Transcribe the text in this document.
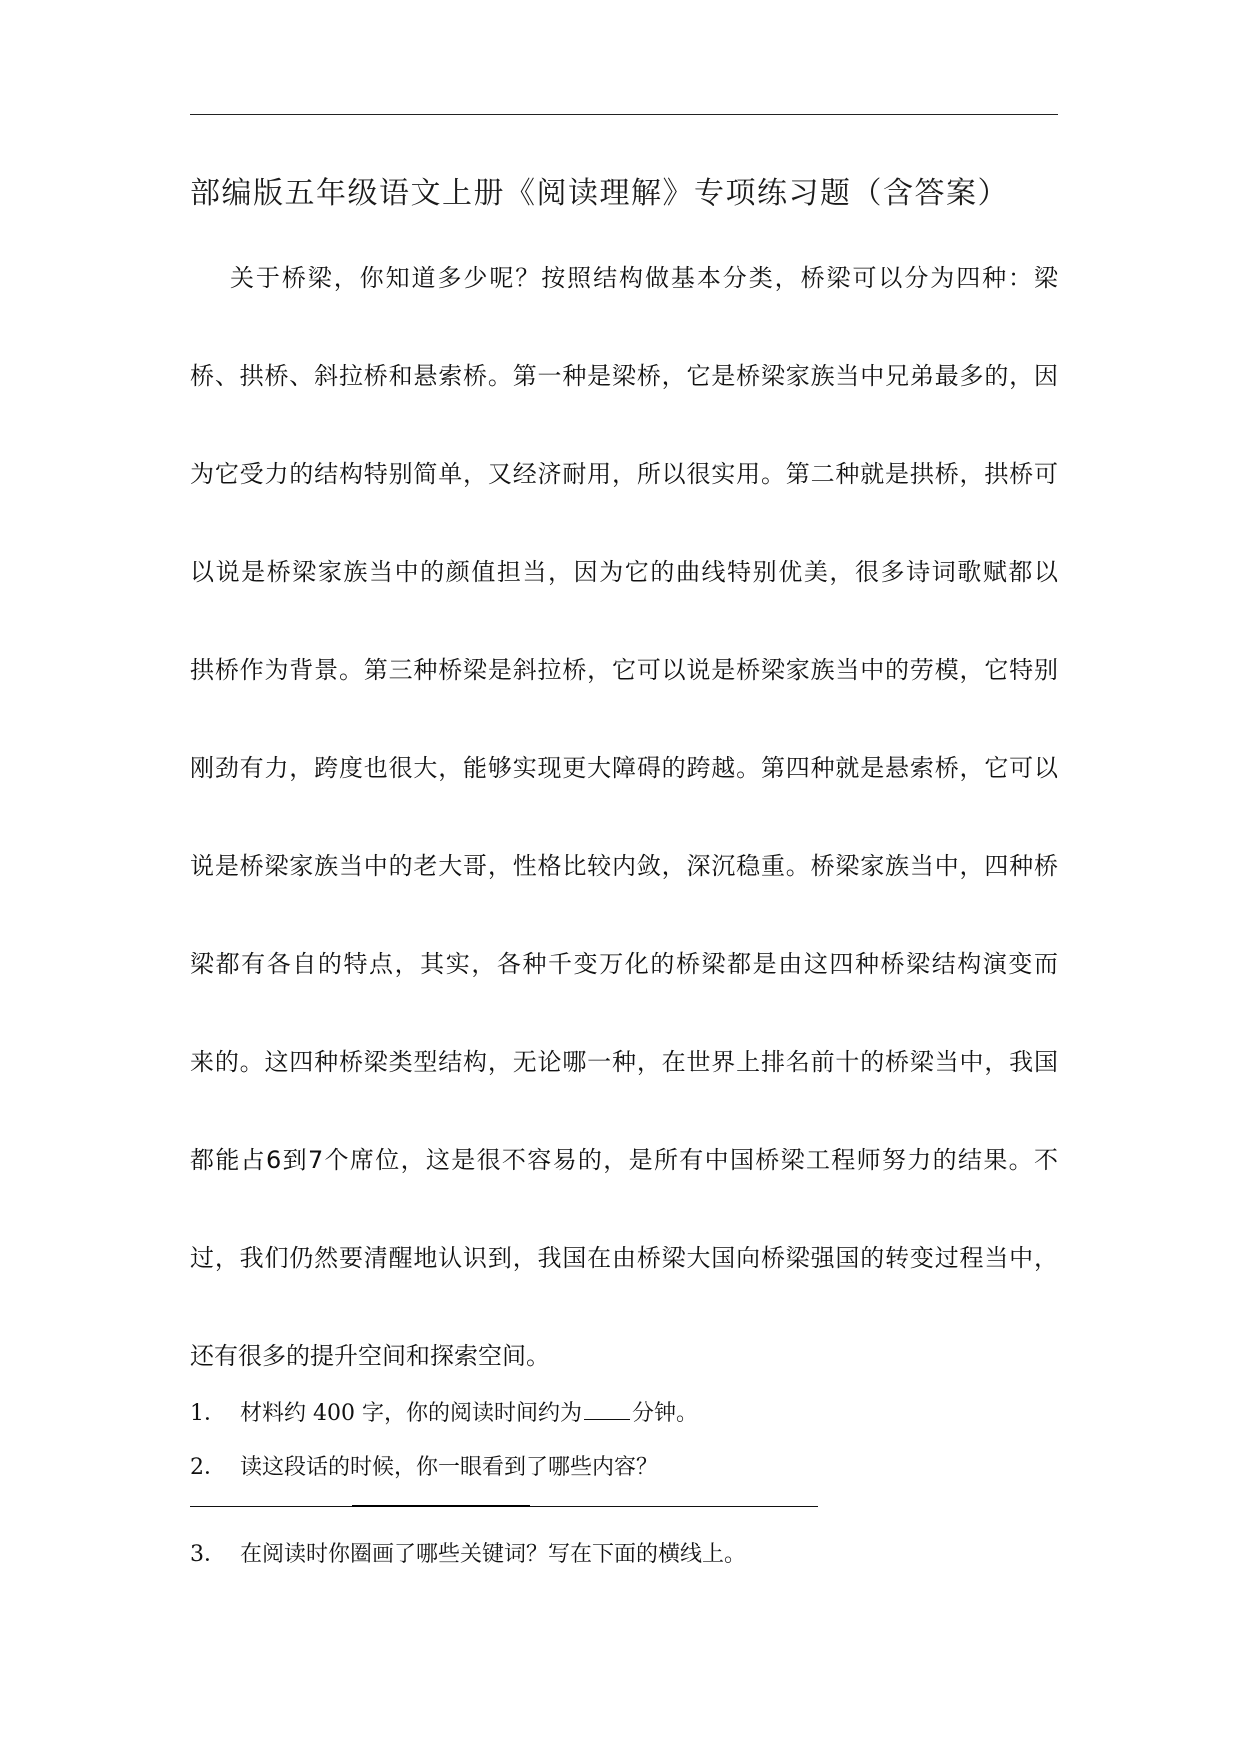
部编版五年级语文上册《阅读理解》专项练习题（含答案）
关于桥梁，你知道多少呢？按照结构做基本分类，桥梁可以分为四种：梁
桥、拱桥、斜拉桥和悬索桥。第一种是梁桥，它是桥梁家族当中兄弟最多的，因
为它受力的结构特别简单，又经济耐用，所以很实用。第二种就是拱桥，拱桥可
以说是桥梁家族当中的颜值担当，因为它的曲线特别优美，很多诗词歌赋都以
拱桥作为背景。第三种桥梁是斜拉桥，它可以说是桥梁家族当中的劳模，它特别
刚劲有力，跨度也很大，能够实现更大障碍的跨越。第四种就是悬索桥，它可以
说是桥梁家族当中的老大哥，性格比较内敛，深沉稳重。桥梁家族当中，四种桥
梁都有各自的特点，其实，各种千变万化的桥梁都是由这四种桥梁结构演变而
来的。这四种桥梁类型结构，无论哪一种，在世界上排名前十的桥梁当中，我国
都能占6到7个席位，这是很不容易的，是所有中国桥梁工程师努力的结果。不
过，我们仍然要清醒地认识到，我国在由桥梁大国向桥梁强国的转变过程当中，
还有很多的提升空间和探索空间。
1． 材料约 400 字，你的阅读时间约为 分钟。
2． 读这段话的时候，你一眼看到了哪些内容？
3． 在阅读时你圈画了哪些关键词？写在下面的横线上。
